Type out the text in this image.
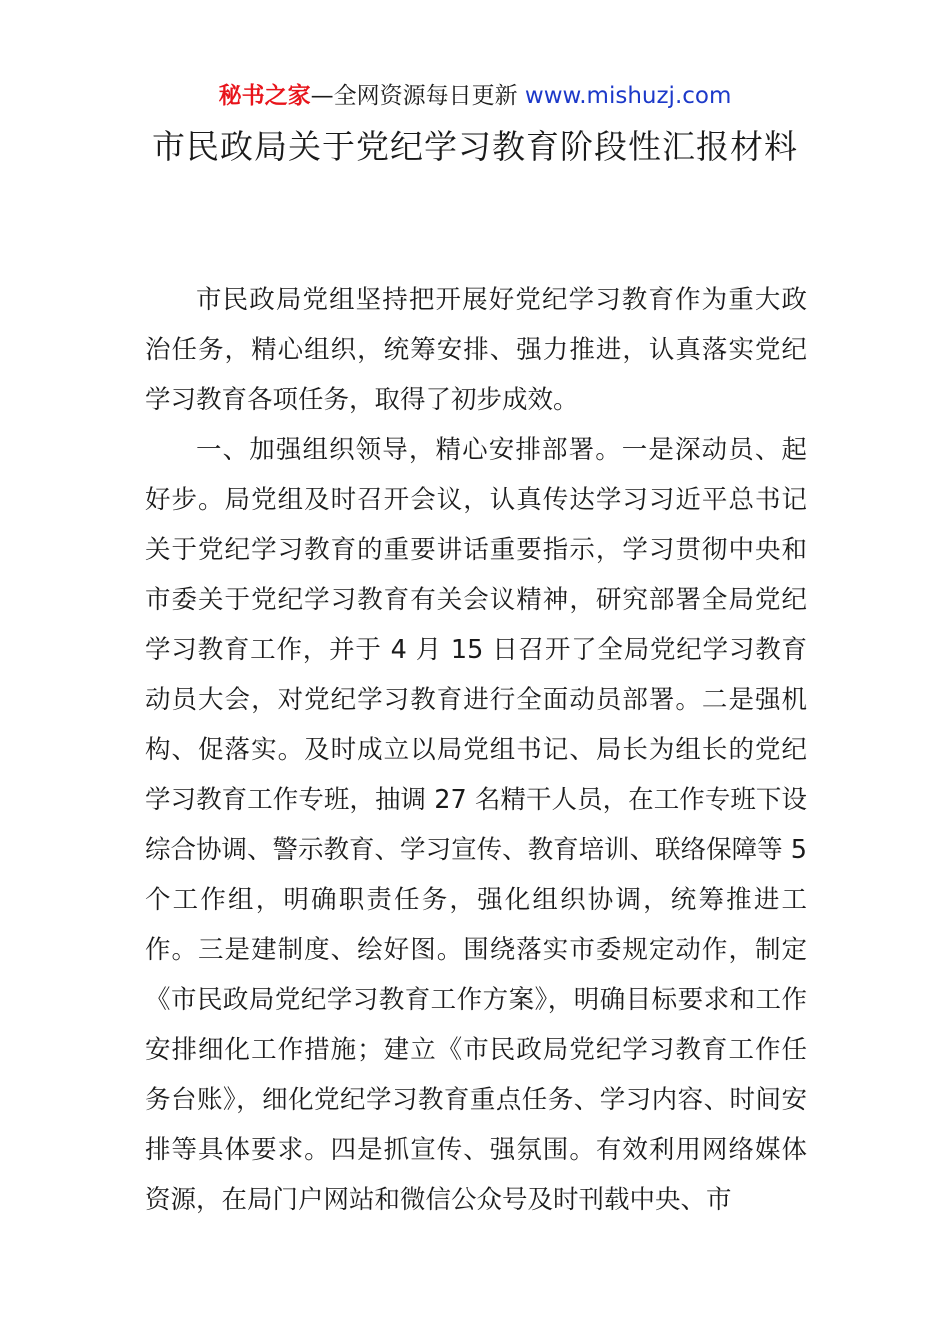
秘书之家—全网资源每日更新 www.mishuzj.com
市民政局关于党纪学习教育阶段性汇报材料

市民政局党组坚持把开展好党纪学习教育作为重大政治任务，精心组织，统筹安排、强力推进，认真落实党纪学习教育各项任务，取得了初步成效。

一、加强组织领导，精心安排部署。一是深动员、起好步。局党组及时召开会议，认真传达学习习近平总书记关于党纪学习教育的重要讲话重要指示，学习贯彻中央和市委关于党纪学习教育有关会议精神，研究部署全局党纪学习教育工作，并于 4 月 15 日召开了全局党纪学习教育动员大会，对党纪学习教育进行全面动员部署。二是强机构、促落实。及时成立以局党组书记、局长为组长的党纪学习教育工作专班，抽调 27 名精干人员，在工作专班下设综合协调、警示教育、学习宣传、教育培训、联络保障等 5 个工作组，明确职责任务，强化组织协调，统筹推进工作。三是建制度、绘好图。围绕落实市委规定动作，制定《市民政局党纪学习教育工作方案》，明确目标要求和工作安排细化工作措施；建立《市民政局党纪学习教育工作任务台账》，细化党纪学习教育重点任务、学习内容、时间安排等具体要求。四是抓宣传、强氛围。有效利用网络媒体资源，在局门户网站和微信公众号及时刊载中央、市
